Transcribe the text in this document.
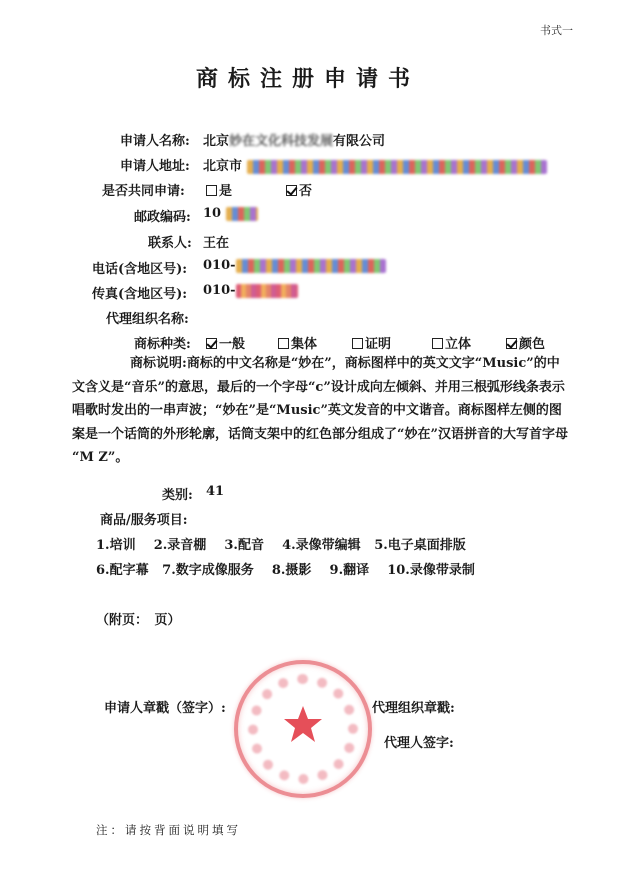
书式一
商标注册申请书
申请人名称: 北京妙在文化科技发展有限公司
申请人地址: 北京市
是否共同申请:	是	否
邮政编码: 10
联系人: 王在
电话(含地区号): 010-
传真(含地区号): 010-
代理组织名称:
商标种类:	一般	集体	证明	立体	颜色
商标说明:商标的中文名称是“妙在”，商标图样中的英文文字“Music”的中文含义是“音乐”的意思，最后的一个字母“c”设计成向左倾斜、并用三根弧形线条表示唱歌时发出的一串声波；“妙在”是“Music”英文发音的中文谐音。商标图样左侧的图案是一个话筒的外形轮廓，话筒支架中的红色部分组成了“妙在”汉语拼音的大写首字母 “M Z”。
类别: 41
商品/服务项目:
1.培训 2.录音棚 3.配音 4.录像带编辑 5.电子桌面排版
6.配字幕 7.数字成像服务 8.摄影 9.翻译 10.录像带录制
（附页：　页）
申请人章戳（签字）:	代理组织章戳:
代理人签字:
注：请按背面说明填写
